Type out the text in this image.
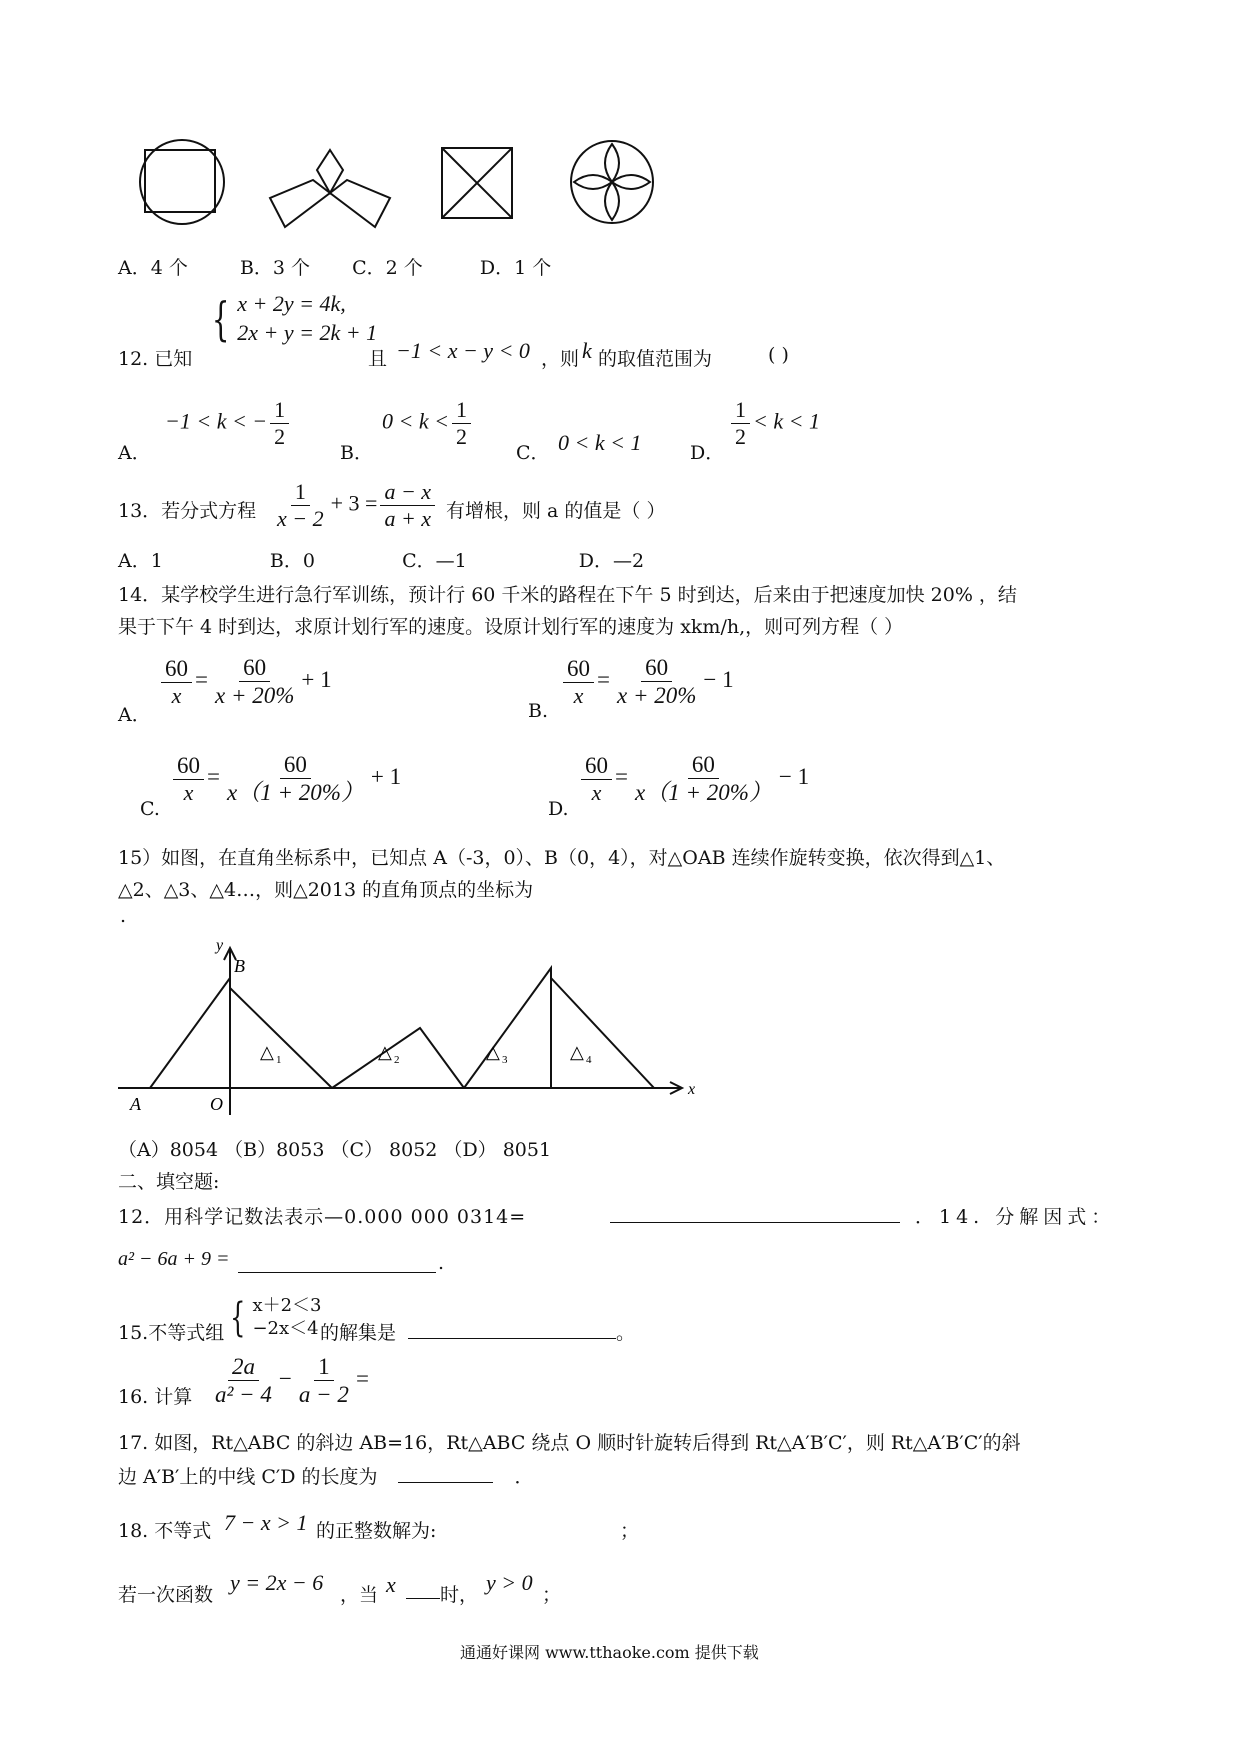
A．4 个	B．3 个 C．2 个	D．1 个
{ x + 2y = 4k,
2x + y = 2k + 1
12. 已知	且 −1 < x − y < 0 ，则 k 的取值范围为	( )
A．
−1 < k < − $\frac{1}{2}$
B．
$0 < k < \frac{1}{2}$
C． 0 < k < 1	D．
$\frac{1}{2} < k < 1$
13．若分式方程 $\frac{1}{x - 2} + 3 = \frac{a - x}{a + x}$ 有增根，则 a 的值是（ ）
A．1	B．0	C．—1	D．—2
14．某学校学生进行急行军训练，预计行 60 千米的路程在下午 5 时到达，后来由于把速度加快 20% ，结
果于下午 4 时到达，求原计划行军的速度。设原计划行军的速度为 xkm/h,，则可列方程（ ）
A．
$\frac{60}{x} = \frac{60}{x + 20\%} + 1$
B.
$\frac{60}{x} = \frac{60}{x + 20\%} - 1$
C.
$\frac{60}{x} = \frac{60}{x(1 + 20\%)} + 1$
D.
$\frac{60}{x} = \frac{60}{x(1 + 20\%)} - 1$
15）如图，在直角坐标系中，已知点 A（-3，0）、B（0，4），对△OAB 连续作旋转变换，依次得到△1、
△2、△3、△4…，则△2013 的直角顶点的坐标为
.
y
B
A	O
x
△ 1	△ 2	△ 3	△ 4
（A）8054 （B）8053 （C） 8052 （D） 8051
二、填空题:
12．用科学记数法表示—0.000 000 0314=	．14. 分解因式：
a² − 6a + 9 =	.
15.不等式组 { x＋2＜3
−2x＜4 的解集是	。
16. 计算 $\frac{2a}{\text{a² − 4}} - \frac{1}{a - 2}$ =
17. 如图，Rt△ABC 的斜边 AB=16，Rt△ABC 绕点 O 顺时针旋转后得到 Rt△A′B′C′，则 Rt△A′B′C′的斜
边 A′B′上的中线 C′D 的长度为	．
18. 不等式 7 − x > 1 的正整数解为:	；
若一次函数 y = 2x − 6 ，当 x 时， y > 0 ；
通通好课网 www.tthaoke.com 提供下载
